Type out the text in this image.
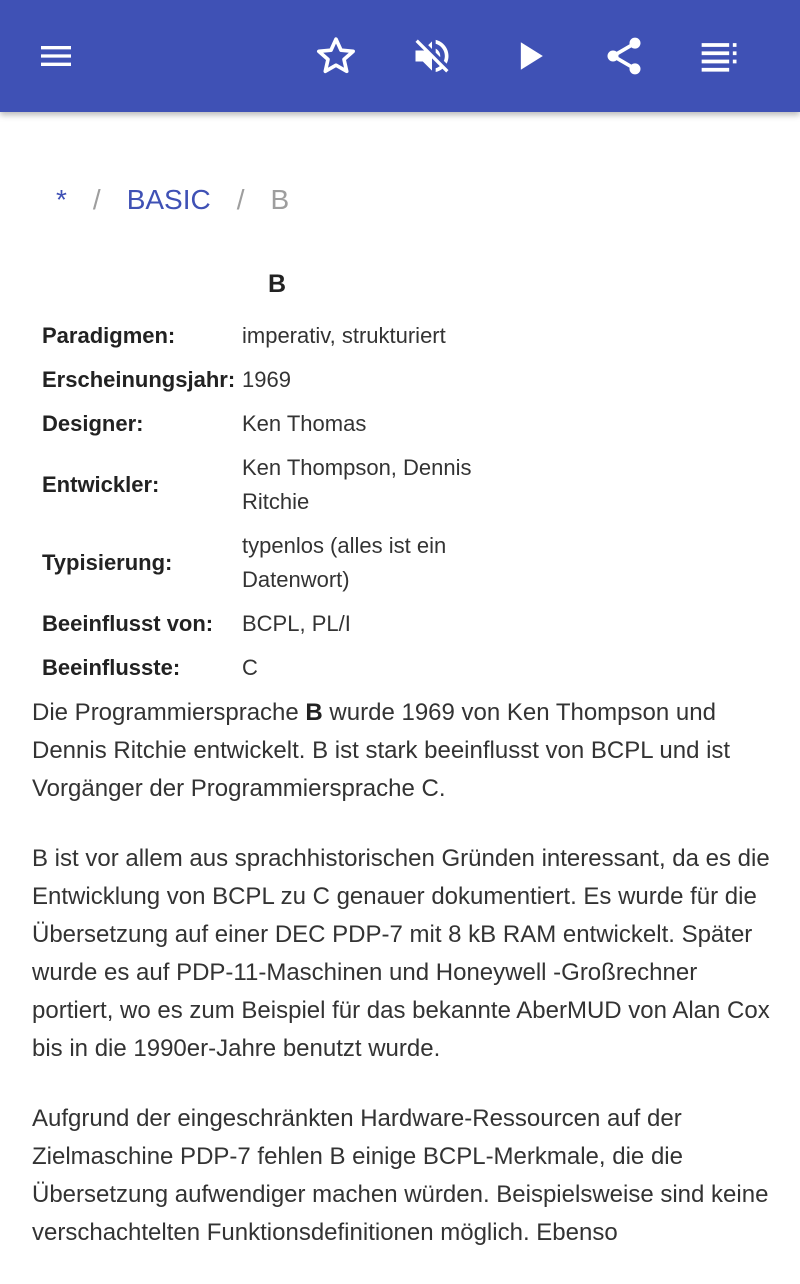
* / BASIC / B
B
Paradigmen:	imperativ, strukturiert
Erscheinungsjahr: 1969
Designer:	Ken Thomas
Entwickler:
Ken Thompson, Dennis Ritchie
Typisierung:
typenlos (alles ist ein Datenwort)
Beeinflusst von:	BCPL, PL/I
Beeinflusste:	C

Die Programmiersprache B wurde 1969 von Ken Thompson und Dennis Ritchie entwickelt. B ist stark beeinflusst von BCPL und ist Vorgänger der Programmiersprache C.

B ist vor allem aus sprachhistorischen Gründen interessant, da es die Entwicklung von BCPL zu C genauer dokumentiert. Es wurde für die Übersetzung auf einer DEC PDP-7 mit 8 kB RAM entwickelt. Später wurde es auf PDP-11-Maschinen und Honeywell -Großrechner portiert, wo es zum Beispiel für das bekannte AberMUD von Alan Cox bis in die 1990er-Jahre benutzt wurde.

Aufgrund der eingeschränkten Hardware-Ressourcen auf der Zielmaschine PDP-7 fehlen B einige BCPL-Merkmale, die die Übersetzung aufwendiger machen würden. Beispielsweise sind keine verschachtelten Funktionsdefinitionen möglich. Ebenso
